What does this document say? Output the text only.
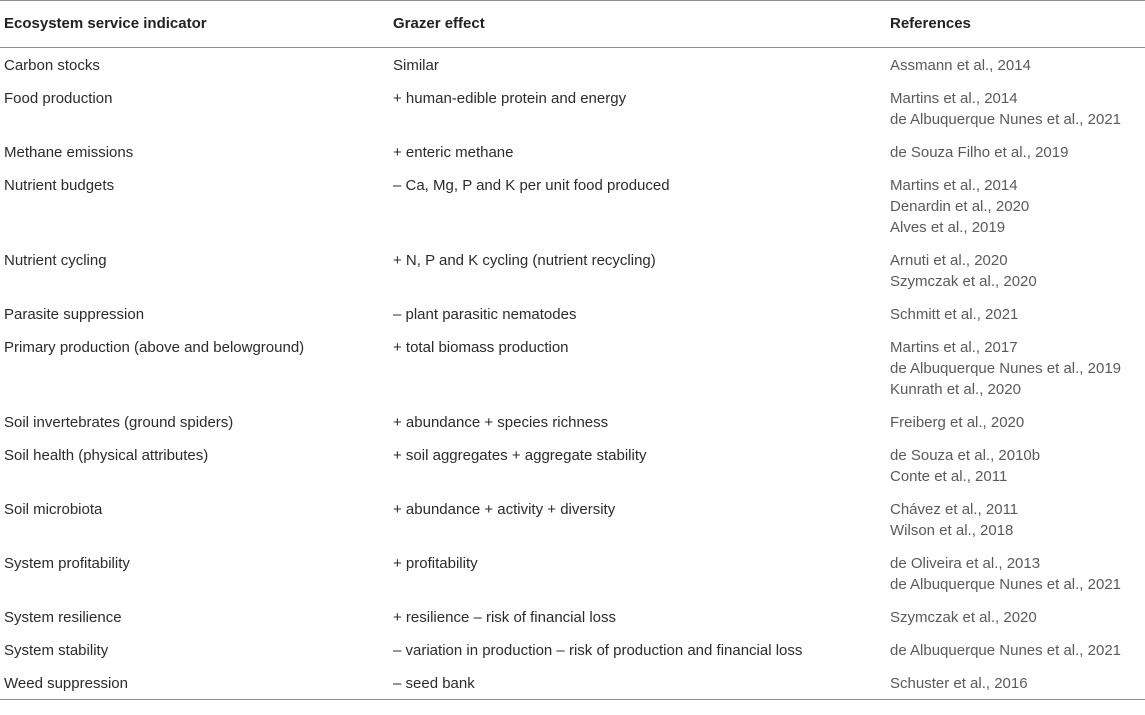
Ecosystem service indicator	Grazer effect	References
Carbon stocks	Similar	Assmann et al., 2014

Food production	+ human-edible protein and energy	Martins et al., 2014
de Albuquerque Nunes et al., 2021

Methane emissions	+ enteric methane	de Souza Filho et al., 2019

Nutrient budgets	– Ca, Mg, P and K per unit food produced	Martins et al., 2014
Denardin et al., 2020
Alves et al., 2019

Nutrient cycling	+ N, P and K cycling (nutrient recycling)	Arnuti et al., 2020
Szymczak et al., 2020

Parasite suppression	– plant parasitic nematodes	Schmitt et al., 2021

Primary production (above and belowground)	+ total biomass production	Martins et al., 2017
de Albuquerque Nunes et al., 2019
Kunrath et al., 2020

Soil invertebrates (ground spiders)	+ abundance + species richness	Freiberg et al., 2020

Soil health (physical attributes)	+ soil aggregates + aggregate stability	de Souza et al., 2010b
Conte et al., 2011

Soil microbiota	+ abundance + activity + diversity	Chávez et al., 2011
Wilson et al., 2018

System profitability	+ profitability	de Oliveira et al., 2013
de Albuquerque Nunes et al., 2021

System resilience	+ resilience – risk of financial loss	Szymczak et al., 2020

System stability	– variation in production – risk of production and financial loss	de Albuquerque Nunes et al., 2021

Weed suppression	– seed bank	Schuster et al., 2016
